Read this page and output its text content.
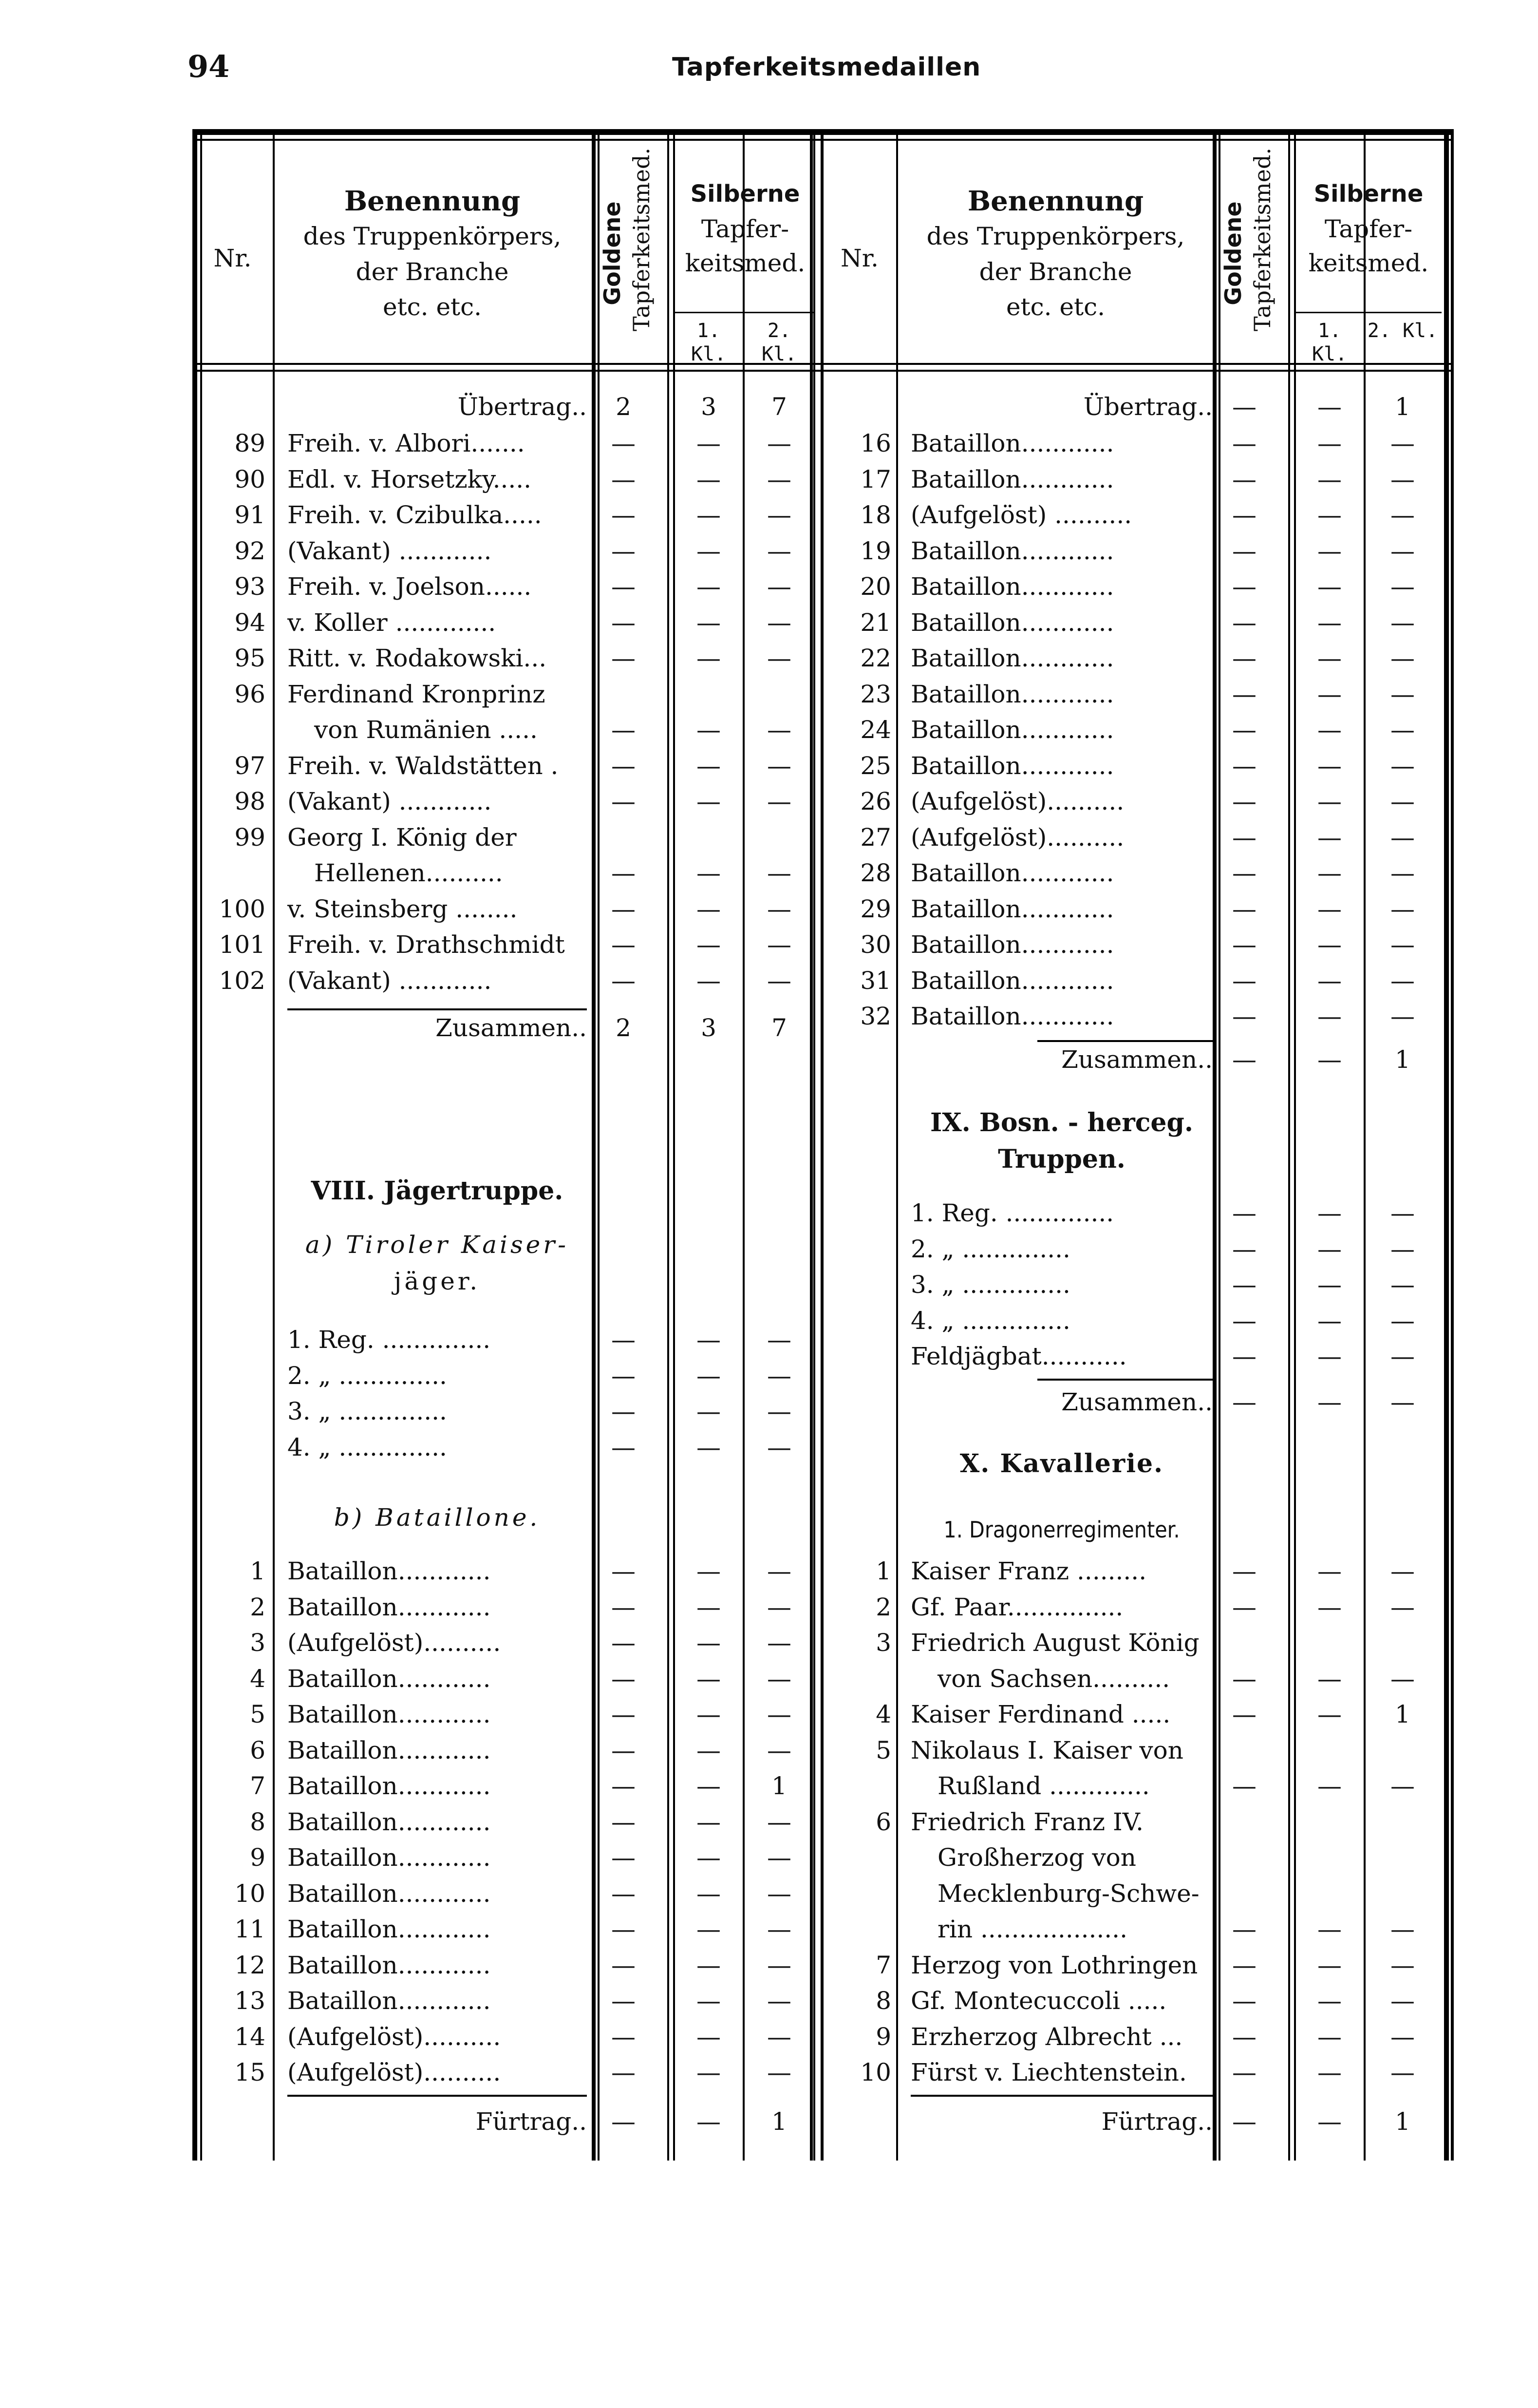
94	Tapferkeitsmedaillen
Nr.
Benennung
des Truppenkörpers,
der Branche
etc. etc.
Goldene Tapferkeitsmed.	Silberne
Tapfer-
keitsmed.
1. Kl.
2. Kl.
Nr.
Benennung
des Truppenkörpers,
der Branche
etc. etc.
Goldene Tapferkeitsmed.	Silberne
Tapfer-
keitsmed.
1. Kl.
2. Kl.
Übertrag..	2	3	7
89 Freih. v. Albori.......	—	—	—
90 Edl. v. Horsetzky.....	—	—	—
91 Freih. v. Czibulka.....	—	—	—
92 (Vakant) ............	—	—	—
93 Freih. v. Joelson......	—	—	—
94 v. Koller .............	—	—	—
95 Ritt. v. Rodakowski...	—	—	—
96 Ferdinand Kronprinz
von Rumänien .....	—	—	—
97 Freih. v. Waldstätten .	—	—	—
98 (Vakant) ............	—	—	—
99 Georg I. König der
Hellenen..........	—	—	—
100 v. Steinsberg ........	—	—	—
101 Freih. v. Drathschmidt	—	—	—
102 (Vakant) ............	—	—	—
Zusammen..	2	3	7
VIII. Jägertruppe.
a) Tiroler Kaiser-
jäger.
1. Reg. ..............	—	—	—
2. „ ..............	—	—	—
3. „ ..............	—	—	—
4. „ ..............	—	—	—
b) Bataillone.
1 Bataillon............	—	—	—
2 Bataillon............	—	—	—
3 (Aufgelöst)..........	—	—	—
4 Bataillon............	—	—	—
5 Bataillon............	—	—	—
6 Bataillon............	—	—	—
7 Bataillon............	—	—	1
8 Bataillon............	—	—	—
9 Bataillon............	—	—	—
10 Bataillon............	—	—	—
11 Bataillon............	—	—	—
12 Bataillon............	—	—	—
13 Bataillon............	—	—	—
14 (Aufgelöst)..........	—	—	—
15 (Aufgelöst)..........	—	—	—
Fürtrag..	—	—	1
Übertrag.. —	—	1
16 Bataillon............	—	—	—
17 Bataillon............	—	—	—
18 (Aufgelöst) ..........	—	—	—
19 Bataillon............	—	—	—
20 Bataillon............	—	—	—
21 Bataillon............	—	—	—
22 Bataillon............	—	—	—
23 Bataillon............	—	—	—
24 Bataillon............	—	—	—
25 Bataillon............	—	—	—
26 (Aufgelöst)..........	—	—	—
27 (Aufgelöst)..........	—	—	—
28 Bataillon............	—	—	—
29 Bataillon............	—	—	—
30 Bataillon............	—	—	—
31 Bataillon............	—	—	—
32 Bataillon............	—	—	—
Zusammen.. —	—	1
IX. Bosn. - herceg.
Truppen.
1. Reg. ..............	—	—	—
2. „ ..............	—	—	—
3. „ ..............	—	—	—
4. „ ..............	—	—	—
Feldjägbat...........	—	—	—
Zusammen.. —	—	—
X. Kavallerie.
1. Dragonerregimenter.
1 Kaiser Franz .........	—	—	—
2 Gf. Paar...............	—	—	—
3 Friedrich August König
von Sachsen..........	—	—	—
4 Kaiser Ferdinand .....	—	—	1
5 Nikolaus I. Kaiser von
Rußland .............	—	—	—
6 Friedrich Franz IV.
Großherzog von
Mecklenburg-Schwe-
rin ...................	—	—	—
7 Herzog von Lothringen	—	—	—
8 Gf. Montecuccoli .....	—	—	—
9 Erzherzog Albrecht ...	—	—	—
10 Fürst v. Liechtenstein.	—	—	—
Fürtrag.. —	—	1
